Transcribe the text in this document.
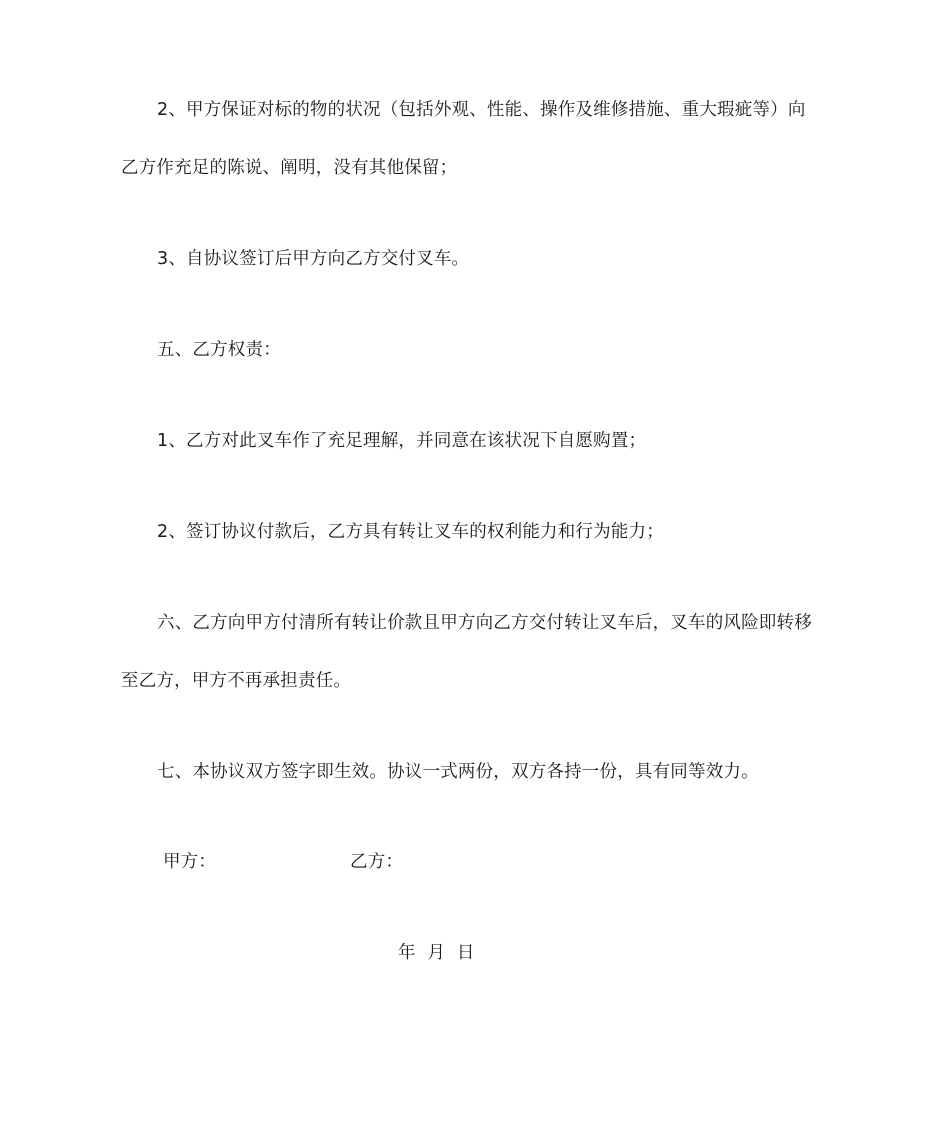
2、甲方保证对标的物的状况（包括外观、性能、操作及维修措施、重大瑕疵等）向
乙方作充足的陈说、阐明，没有其他保留；
3、自协议签订后甲方向乙方交付叉车。
五、乙方权责：
1、乙方对此叉车作了充足理解，并同意在该状况下自愿购置；
2、签订协议付款后，乙方具有转让叉车的权利能力和行为能力；
六、乙方向甲方付清所有转让价款且甲方向乙方交付转让叉车后，叉车的风险即转移
至乙方，甲方不再承担责任。
七、本协议双方签字即生效。协议一式两份，双方各持一份，具有同等效力。
甲方：	乙方：
年 月 日
